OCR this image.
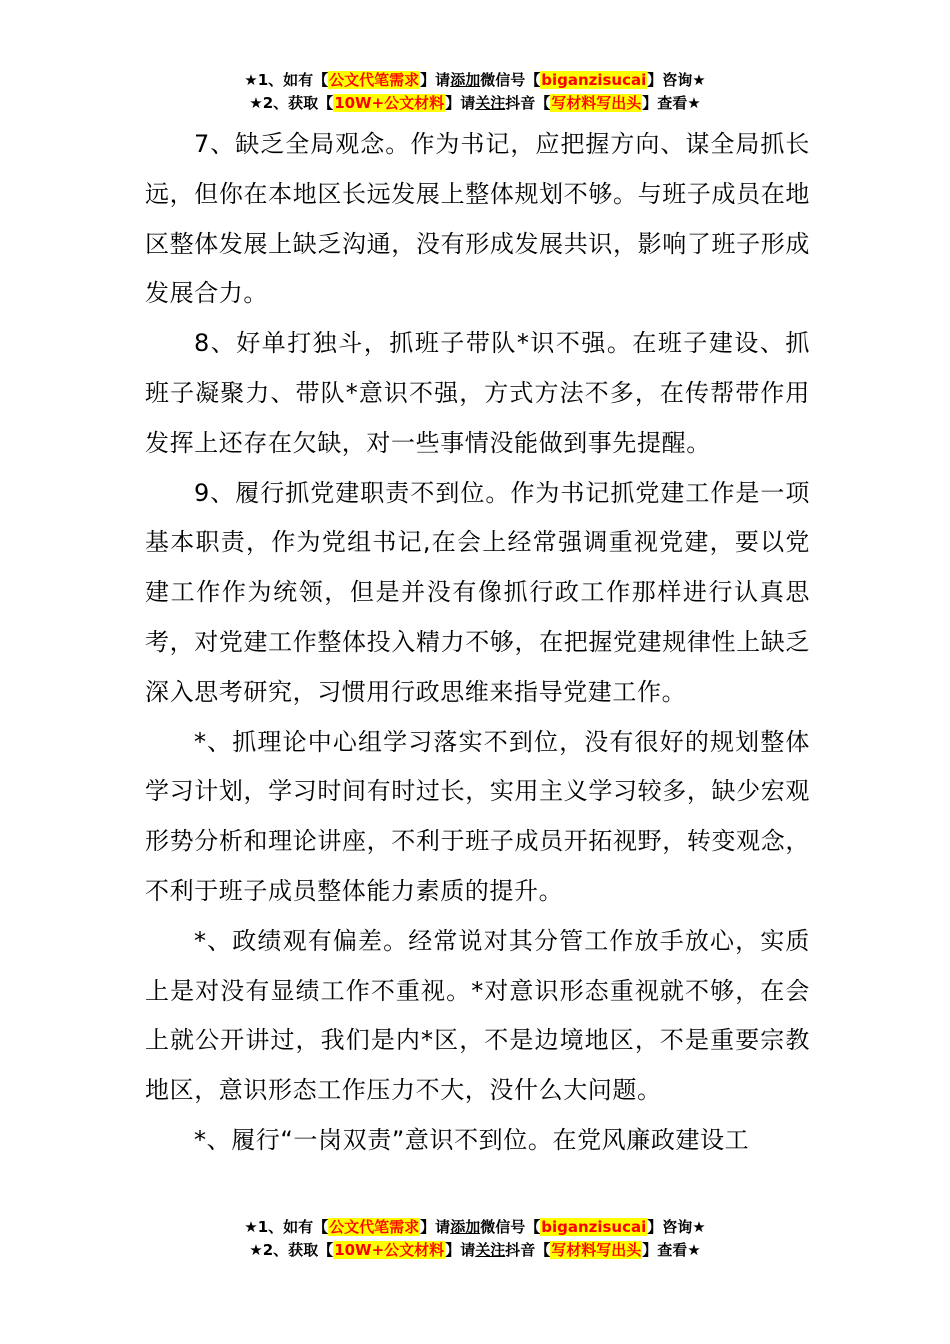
★1、如有【公文代笔需求】请添加微信号【biganzisucai】咨询★
★2、获取【10W+公文材料】请关注抖音【写材料写出头】查看★

7、缺乏全局观念。作为书记，应把握方向、谋全局抓长远，但你在本地区长远发展上整体规划不够。与班子成员在地区整体发展上缺乏沟通，没有形成发展共识，影响了班子形成发展合力。

8、好单打独斗，抓班子带队*识不强。在班子建设、抓班子凝聚力、带队*意识不强，方式方法不多，在传帮带作用发挥上还存在欠缺，对一些事情没能做到事先提醒。

9、履行抓党建职责不到位。作为书记抓党建工作是一项基本职责，作为党组书记,在会上经常强调重视党建，要以党建工作作为统领，但是并没有像抓行政工作那样进行认真思考，对党建工作整体投入精力不够，在把握党建规律性上缺乏深入思考研究，习惯用行政思维来指导党建工作。

*、抓理论中心组学习落实不到位，没有很好的规划整体学习计划，学习时间有时过长，实用主义学习较多，缺少宏观形势分析和理论讲座，不利于班子成员开拓视野，转变观念，不利于班子成员整体能力素质的提升。

*、政绩观有偏差。经常说对其分管工作放手放心，实质上是对没有显绩工作不重视。*对意识形态重视就不够，在会上就公开讲过，我们是内*区，不是边境地区，不是重要宗教地区，意识形态工作压力不大，没什么大问题。

*、履行“一岗双责”意识不到位。在党风廉政建设工

★1、如有【公文代笔需求】请添加微信号【biganzisucai】咨询★
★2、获取【10W+公文材料】请关注抖音【写材料写出头】查看★
